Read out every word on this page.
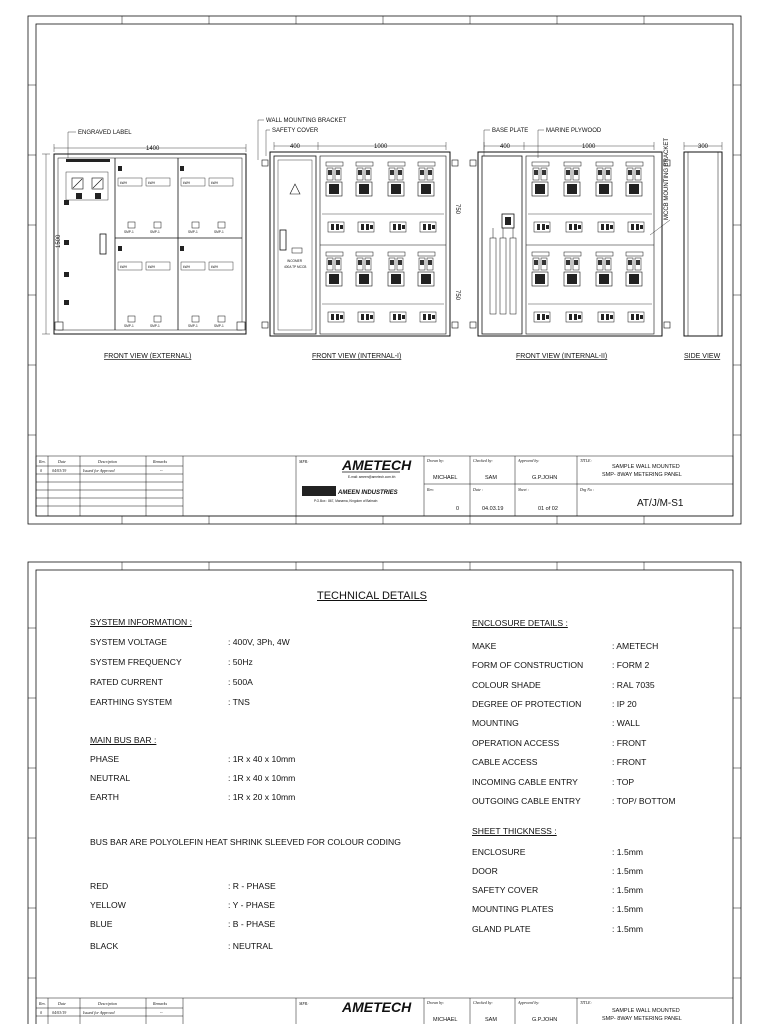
ENGRAVED LABEL
1400
1500
FRONT VIEW (EXTERNAL)
kWH	kWH	kWH	kWH
kWH	kWH	kWH	kWH
SMP-1	SMP-1	SMP-1	SMP-1
SMP-1	SMP-1	SMP-1	SMP-1
WALL MOUNTING BRACKET
SAFETY COVER
400	1000
750
750
INCOMER
400A TP MCCB
FRONT VIEW (INTERNAL-I)
BASE PLATE	MARINE PLYWOOD
400	1000	MCCB MOUNTING BRACKET
FRONT VIEW (INTERNAL-II)
300
SIDE VIEW
Rev.	Date	Description	Remarks
0	04/03/19	Issued for Approval	--
MFR: AMETECH
E-mail: ameen@ametech.com.bh
AMEEN INDUSTRIES
P.O.Box : 867, Manama, Kingdom of Bahrain
Drawn by:
MICHAEL
Checked by:
SAM
Approved by:
G.P.JOHN
TITLE:
SAMPLE WALL MOUNTED
SMP- 8WAY METERING PANEL
Rev:
0
Date :
04.03.19
Sheet :
01 of 02
Drg No :
AT/J/M-S1
Rev.	Date	Description	Remarks
0	04/03/19	Issued for Approval	--
MFR: AMETECH	Drawn by:
MICHAEL
Checked by:
SAM
Approved by:
G.P.JOHN
TITLE:
SAMPLE WALL MOUNTED
SMP- 8WAY METERING PANEL
TECHNICAL DETAILS
SYSTEM INFORMATION :
SYSTEM VOLTAGE	: 400V, 3Ph, 4W
SYSTEM FREQUENCY	: 50Hz
RATED CURRENT	: 500A
EARTHING SYSTEM	: TNS
MAIN BUS BAR :
PHASE	: 1R x 40 x 10mm
NEUTRAL	: 1R x 40 x 10mm
EARTH	: 1R x 20 x 10mm
BUS BAR ARE POLYOLEFIN HEAT SHRINK SLEEVED FOR COLOUR CODING
RED	: R - PHASE
YELLOW	: Y - PHASE
BLUE	: B - PHASE
BLACK	: NEUTRAL
ENCLOSURE DETAILS :
MAKE	: AMETECH
FORM OF CONSTRUCTION	: FORM 2
COLOUR SHADE	: RAL 7035
DEGREE OF PROTECTION	: IP 20
MOUNTING	: WALL
OPERATION ACCESS	: FRONT
CABLE ACCESS	: FRONT
INCOMING CABLE ENTRY	: TOP
OUTGOING CABLE ENTRY	: TOP/ BOTTOM
SHEET THICKNESS :
ENCLOSURE	: 1.5mm
DOOR	: 1.5mm
SAFETY COVER	: 1.5mm
MOUNTING PLATES	: 1.5mm
GLAND PLATE	: 1.5mm
